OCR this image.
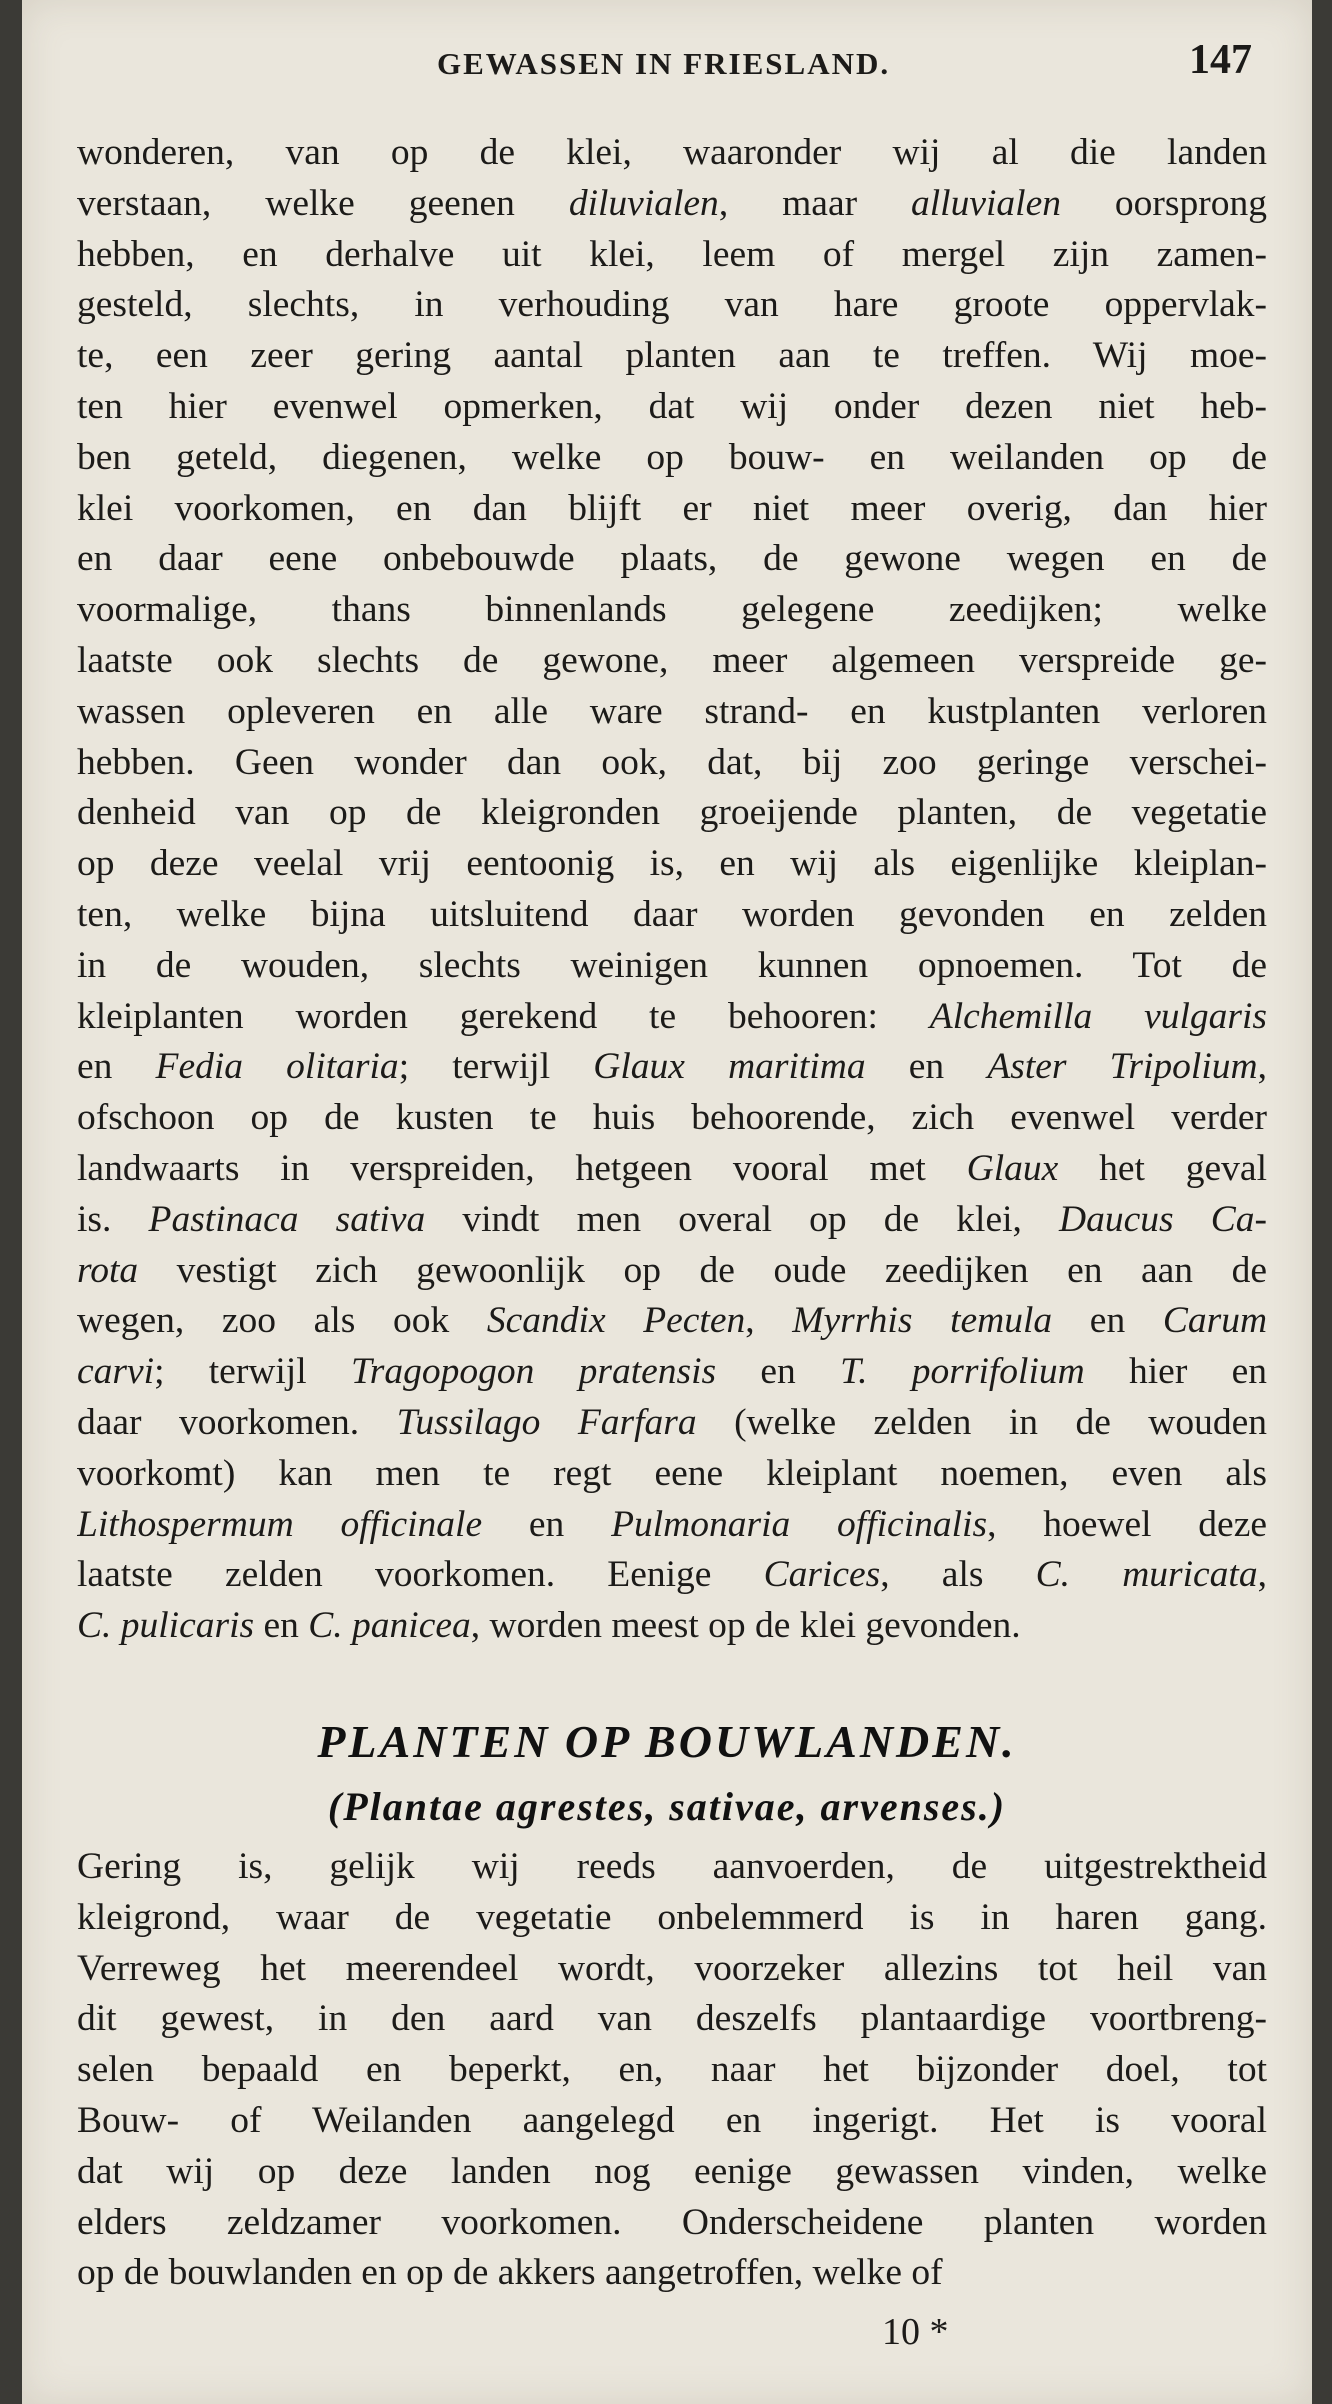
GEWASSEN IN FRIESLAND.	147
wonderen, van op de klei, waaronder wij al die landen
verstaan, welke geenen diluvialen, maar alluvialen oorsprong
hebben, en derhalve uit klei, leem of mergel zijn zamen-
gesteld, slechts, in verhouding van hare groote oppervlak-
te, een zeer gering aantal planten aan te treffen. Wij moe-
ten hier evenwel opmerken, dat wij onder dezen niet heb-
ben geteld, diegenen, welke op bouw- en weilanden op de
klei voorkomen, en dan blijft er niet meer overig, dan hier
en daar eene onbebouwde plaats, de gewone wegen en de
voormalige, thans binnenlands gelegene zeedijken; welke
laatste ook slechts de gewone, meer algemeen verspreide ge-
wassen opleveren en alle ware strand- en kustplanten verloren
hebben. Geen wonder dan ook, dat, bij zoo geringe verschei-
denheid van op de kleigronden groeijende planten, de vegetatie
op deze veelal vrij eentoonig is, en wij als eigenlijke kleiplan-
ten, welke bijna uitsluitend daar worden gevonden en zelden
in de wouden, slechts weinigen kunnen opnoemen. Tot de
kleiplanten worden gerekend te behooren: Alchemilla vulgaris
en Fedia olitaria; terwijl Glaux maritima en Aster Tripolium,
ofschoon op de kusten te huis behoorende, zich evenwel verder
landwaarts in verspreiden, hetgeen vooral met Glaux het geval
is. Pastinaca sativa vindt men overal op de klei, Daucus Ca-
rota vestigt zich gewoonlijk op de oude zeedijken en aan de
wegen, zoo als ook Scandix Pecten, Myrrhis temula en Carum
carvi; terwijl Tragopogon pratensis en T. porrifolium hier en
daar voorkomen. Tussilago Farfara (welke zelden in de wouden
voorkomt) kan men te regt eene kleiplant noemen, even als
Lithospermum officinale en Pulmonaria officinalis, hoewel deze
laatste zelden voorkomen. Eenige Carices, als C. muricata,
C. pulicaris en C. panicea, worden meest op de klei gevonden.
PLANTEN OP BOUWLANDEN.
(Plantae agrestes, sativae, arvenses.)
Gering is, gelijk wij reeds aanvoerden, de uitgestrektheid
kleigrond, waar de vegetatie onbelemmerd is in haren gang.
Verreweg het meerendeel wordt, voorzeker allezins tot heil van
dit gewest, in den aard van deszelfs plantaardige voortbreng-
selen bepaald en beperkt, en, naar het bijzonder doel, tot
Bouw- of Weilanden aangelegd en ingerigt. Het is vooral
dat wij op deze landen nog eenige gewassen vinden, welke
elders zeldzamer voorkomen. Onderscheidene planten worden
op de bouwlanden en op de akkers aangetroffen, welke of
10 *
